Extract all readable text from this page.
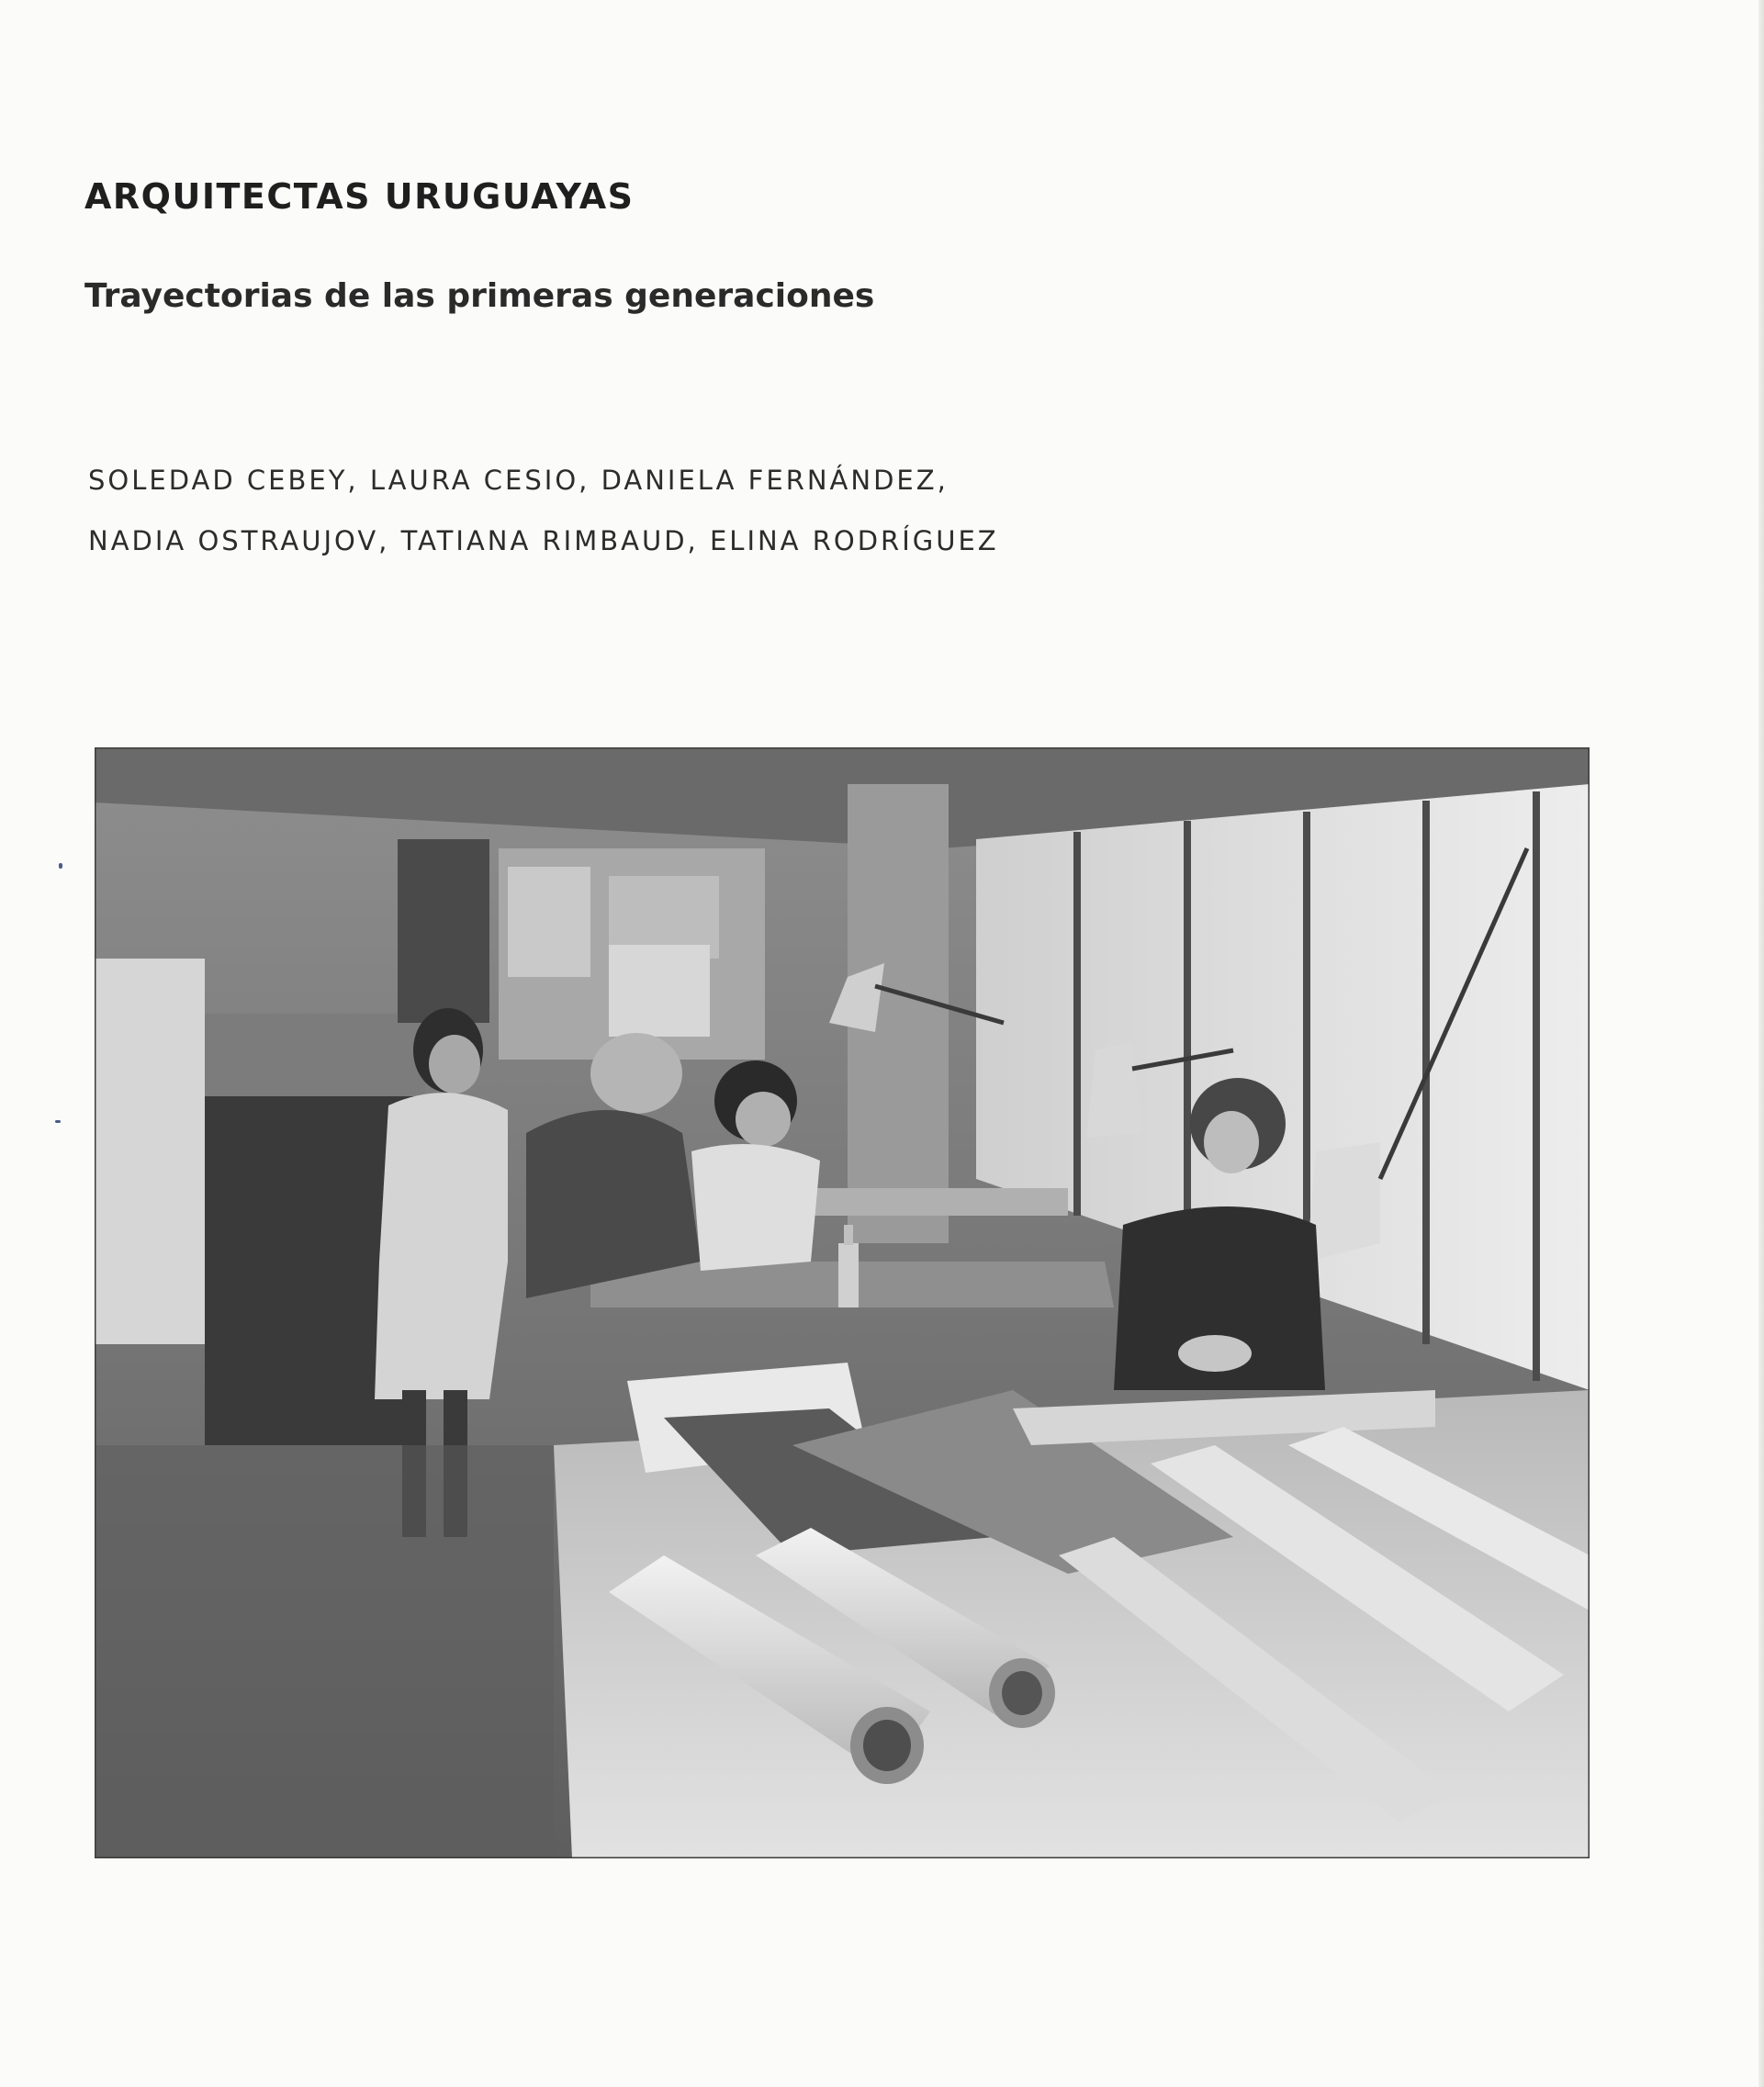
ARQUITECTAS URUGUAYAS
Trayectorias de las primeras generaciones

SOLEDAD CEBEY, LAURA CESIO, DANIELA FERNÁNDEZ,
NADIA OSTRAUJOV, TATIANA RIMBAUD, ELINA RODRÍGUEZ
